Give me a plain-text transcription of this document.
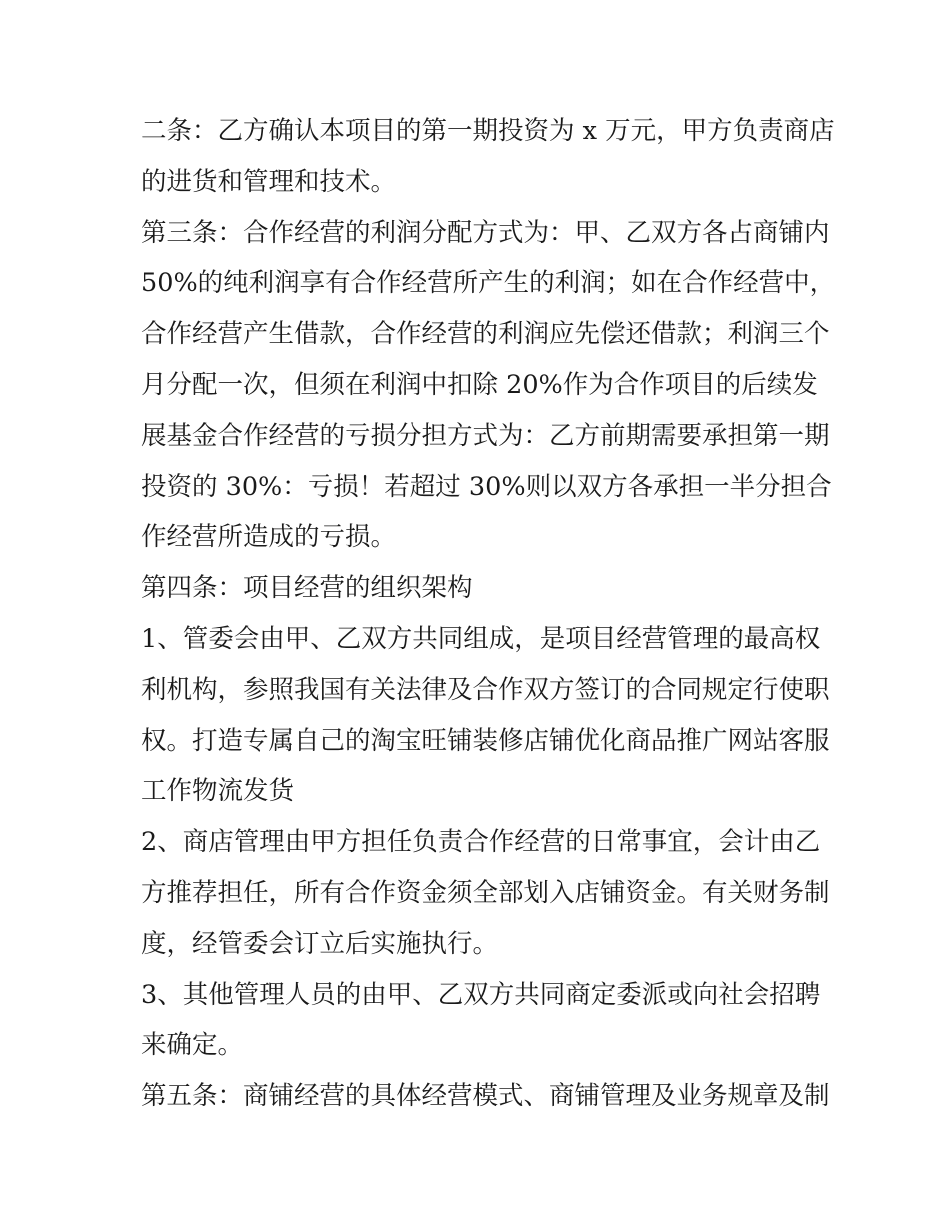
二条：乙方确认本项目的第一期投资为 x 万元，甲方负责商店
的进货和管理和技术。
第三条：合作经营的利润分配方式为：甲、乙双方各占商铺内
50%的纯利润享有合作经营所产生的利润；如在合作经营中，
合作经营产生借款，合作经营的利润应先偿还借款；利润三个
月分配一次，但须在利润中扣除 20%作为合作项目的后续发
展基金合作经营的亏损分担方式为：乙方前期需要承担第一期
投资的 30%：亏损！若超过 30%则以双方各承担一半分担合
作经营所造成的亏损。
第四条：项目经营的组织架构
1、管委会由甲、乙双方共同组成，是项目经营管理的最高权
利机构，参照我国有关法律及合作双方签订的合同规定行使职
权。打造专属自己的淘宝旺铺装修店铺优化商品推广网站客服
工作物流发货
2、商店管理由甲方担任负责合作经营的日常事宜，会计由乙
方推荐担任，所有合作资金须全部划入店铺资金。有关财务制
度，经管委会订立后实施执行。
3、其他管理人员的由甲、乙双方共同商定委派或向社会招聘
来确定。
第五条：商铺经营的具体经营模式、商铺管理及业务规章及制
